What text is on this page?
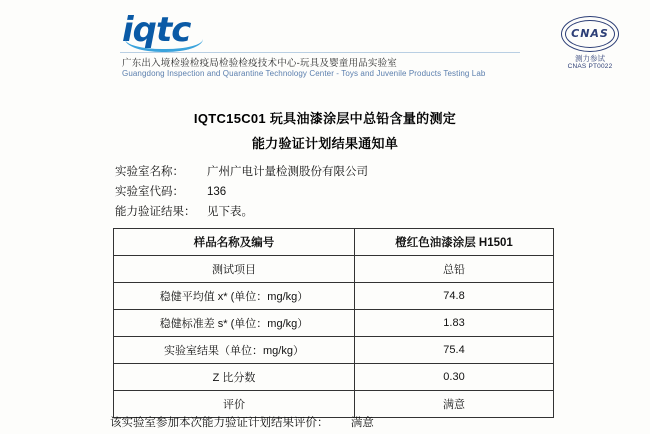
iqtc
广东出入境检验检疫局检验检疫技术中心-玩具及婴童用品实验室
Guangdong Inspection and Quarantine Technology Center - Toys and Juvenile Products Testing Lab
CNAS
测力参试
CNAS PT0022
IQTC15C01 玩具油漆涂层中总铅含量的测定
能力验证计划结果通知单
实验室名称：	广州广电计量检测股份有限公司
实验室代码：	136
能力验证结果：	见下表。
样品名称及编号	橙红色油漆涂层 H1501
测试项目	总铅
稳健平均值 x* (单位：mg/kg）	74.8
稳健标准差 s* (单位：mg/kg）	1.83
实验室结果（单位：mg/kg）	75.4
Z 比分数	0.30
评价	满意
该实验室参加本次能力验证计划结果评价： 满意
